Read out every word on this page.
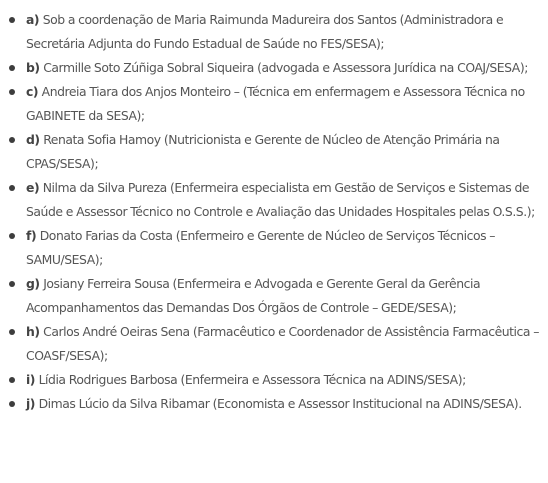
a) Sob a coordenação de Maria Raimunda Madureira dos Santos (Administradora e Secretária Adjunta do Fundo Estadual de Saúde no FES/SESA);
b) Carmille Soto Zúñiga Sobral Siqueira (advogada e Assessora Jurídica na COAJ/SESA);
c) Andreia Tiara dos Anjos Monteiro – (Técnica em enfermagem e Assessora Técnica no GABINETE da SESA);
d) Renata Sofia Hamoy (Nutricionista e Gerente de Núcleo de Atenção Primária na CPAS/SESA);
e) Nilma da Silva Pureza (Enfermeira especialista em Gestão de Serviços e Sistemas de Saúde e Assessor Técnico no Controle e Avaliação das Unidades Hospitales pelas O.S.S.);
f) Donato Farias da Costa (Enfermeiro e Gerente de Núcleo de Serviços Técnicos – SAMU/SESA);
g) Josiany Ferreira Sousa (Enfermeira e Advogada e Gerente Geral da Gerência Acompanhamentos das Demandas Dos Órgãos de Controle – GEDE/SESA);
h) Carlos André Oeiras Sena (Farmacêutico e Coordenador de Assistência Farmacêutica – COASF/SESA);
i) Lídia Rodrigues Barbosa (Enfermeira e Assessora Técnica na ADINS/SESA);
j) Dimas Lúcio da Silva Ribamar (Economista e Assessor Institucional na ADINS/SESA).
